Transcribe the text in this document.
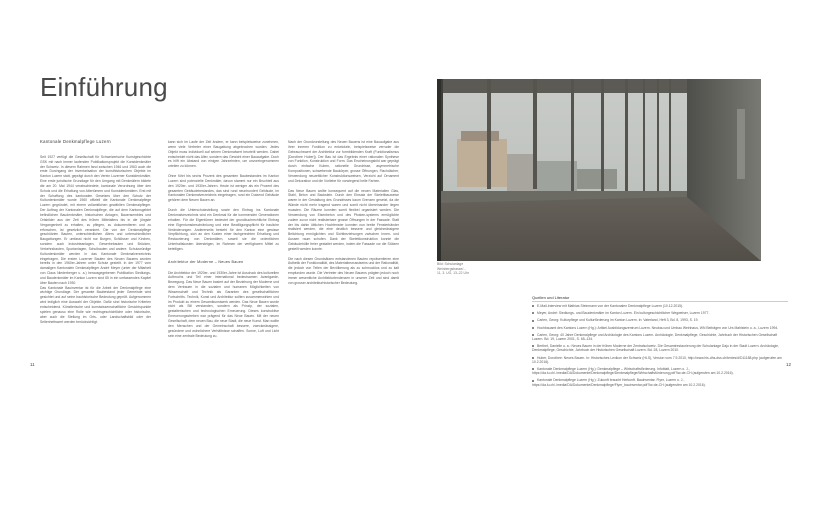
Einführung
Kantonale Denkmalpflege Luzern

Seit 1927 verfügt die Gesellschaft für Schweizerische Kunstgeschichte GSK mit nach immer laufenden Publikationsprojekt die Kunstdenkmäler der Schweiz. In diesem Rahmen fand zwischen 1946 und 1963 auch die erste Durchgang der Inventarisation der kunsthistorischen Objekte im Kanton Luzern statt, geprägt durch den Verein Luzerner Kunstdenkmäler. Eine erste juristische Grundlage für den Umgang mit Denkmälern bildete die am 20. Mai 1944 verabschiedete, kantonale Verordnung über den Schutz und die Erhaltung von Altertümern und Kunstdenkmälern. Erst mit der Schaffung des kantonalen Gesetzes über den Schutz der Kulturdenkmäler wurde 1960 offiziell die Kantonale Denkmalpflege Luzern gegründet, mit einem vollamtlichen gewählten Denkmalpfleger. Der Auftrag der Kantonalen Denkmalpflege, die auf dem Kantonsgebiet befindlichen Baudenkmäler, historischen Anlagen, Bauensembles und Ortsbilder aus der Zeit des frühen Mittelalters bis in die jüngste Vergangenheit zu erhalten, zu pflegen, zu dokumentieren und zu erforschen, ist gesetzlich verankert. Die von der Denkmalpflege geschützten Bauten, unterschiedlichen Alters und unterschiedlicher Baugattungen. Er umfasst nicht nur Burgen, Schlösser und Kirchen, sondern auch Industrieanlagen, Gewerbebauten und Brücken, Verkehrsbauten, Sportanlagen, Schulbauten und andere. Schutzwürdige Kulturdenkmäler werden in das Kantonale Denkmalverzeichnis eingetragen. Die ersten Luzerner Bauten des Neuen Bauens wurden bereits in den 1960er-Jahren unter Schutz gestellt. In der 1977 vom damaligen Kantonalen Denkmalpfleger André Meyer (unter der Mitarbeit von Claus Niederberger u. a.) herausgegebenen Publikation Siedlungs- und Baudenkmäler im Kanton Luzern sind 65 in ein umfassendes Kapitel über Bauten nach 1930.

Das Kantonale Bauinventar ist für die Arbeit der Denkmalpflege eine wichtige Grundlage. Der gesamte Baubestand jeder Gemeinde wird gesichtet und auf seine bauhistorische Bedeutung geprüft. Aufgenommen wird lediglich eine Auswahl der Objekte. Dafür sind historische Kriterien entscheidend. Künstlerische und kunstwissenschaftliche Gesichtspunkte spielen genauso eine Rolle wie rechtsgeschichtliche oder historische, aber auch die Stellung im Orts- oder Landschaftsbild oder der Seltenheitswert werden berücksichtigt.

kann sich im Laufe der Zeit ändern, er kann beispielsweise zunehmen, wenn viele Vertreter einer Baugattung abgebrochen wurden. Jedes Objekt muss individuell auf seinen Denkmalwert beurteilt werden. Dabei entscheidet nicht das Alter, sondern das Gewicht einer Bauaufgabe. Doch es hilft ein Abstand von einigen Jahrzehnten, um unvoreingenommen urteilen zu können.

Ohne führt bis sechs Prozent des gesamten Baubestandes im Kanton Luzern sind potenzielle Denkmäler, davon stammt nur ein Bruchteil aus den 1920er- und 1930er-Jahren. Heute ist weniger als ein Prozent des gesamten Gebäudebestandes, das sind rund neunhundert Gebäude, im Kantonalen Denkmalverzeichnis eingetragen, rund ein Dutzend Gebäude gehören dem Neuen Bauen an.

Durch die Unterschutzstellung sowie den Eintrag ins Kantonale Denkmalverzeichnis wird ein Denkmal für die kommenden Generationen erhalten. Für die Eigentümer bedeutet der grundbuchrechtliche Eintrag eine Eigentumsbeschränkung und eine Bewilligungspflicht für bauliche Veränderungen. Andererseits besteht für den Kanton eine gewisse Verpflichtung, sich an den Kosten einer fachgerechten Erhaltung und Restaurierung von Denkmälern, soweit sie die ordentlichen Unterhaltskosten übersteigen, im Rahmen der verfügbaren Mittel zu beteiligen.

Architektur der Moderne – Neues Bauen

Die Architektur der 1920er- und 1930er-Jahre ist Ausdruck des kulturellen Aufbruchs und Teil einer international bedeutsamen Avantgarde-Bewegung. Das Neue Bauen basiert auf der Beziehung der Moderne und dem Vertrauen in die sozialen und humanen Möglichkeiten von Wissenschaft und Technik als Garanten des gesellschaftlichen Fortschritts. Technik, Kunst und Architektur sollten zusammenwirken und im Produkt zu einem Gesamtkunstwerk werden. Das Neue Bauen wurde nicht als Stil verstanden, sondern als Prinzip, der sozialen, gestalterischen und technologischen Erneuerung. Dieses konstruktive Erneuerungsstreben war prägend für das Neue Bauen. Mit der neuen Gesellschaft, dem neuen Bau, die neue Stadt, die neue Kunst. Man wollte den Menschen und der Gemeinschaft bessere, zweckmässigere, gesündere und wohnlichere Verhältnisse schaffen. Sonne, Luft und Licht sein eine zentrale Bedeutung zu.

Nach der Grundvorstellung des Neuen Bauens ist eine Bauaufgabe aus ihrer inneren Funktion zu entwickeln, beispielsweise verruder die Gebrauchswert der Architektur zur formbildenden Kraft (Funktionalismus [Dorothee Huber]). Der Bau ist das Ergebnis einer rationalen Synthese von Funktion, Konstruktion und Form. Das Erscheinungsbild war geprägt durch einfache Kuben, rationelle Grundrisse, asymmetrische Kompositionen, schwebende Baukörper, grosse Öffnungen, Flachdächer, Verwendung neuzeitlicher Konstruktionsweisen, Verzicht auf Ornament und Dekoration und die Vorliebe für vorwiegend helle Farben.

Das Neue Bauen wollte konsequent auf die neuen Materialien Glas, Stahl, Beton und Backstein. Durch den Einsatz der Skelettbauweise waren in der Gestaltung des Grundrisses kaum Grenzen gesetzt, da die Wände nicht mehr tragend waren und somit nicht übereinander liegen mussten. Die Räume konnten somit flexibel organisiert werden. Die Verwendung von Eisenbeton und des Pfosten-systems ermöglichte zudem zuvor nicht realisierbare grosse Öffnungen in der Fassade. Statt der bis dahin üblichen Hochfenster konnten nun breite Fensterbänder realisiert werden, die eine deutlich bessere und gleichmässigere Belichtung ermöglichten und Sichtbeziehungen zwischen Innen- und Aussen raum schufen. Dank der Skelettkonstruktion konnte die Gebäudehülle freier gestaltet werden, indem die Fassade vor die Stützen gestellt werden konnte.

Die nach diesen Grundsätzen entstandenen Bauten repräsentieren eine Ästhetik der Funktionalität, des Materialbewusstseins und der Rationalität, die jedoch von Teilen der Bevölkerung als zu schmucklos und zu kalt empfunden wurde. Die Vertreter des Neuen Bauens prägten jedoch noch immer wesentliche Architekturtendenzen in unserer Zeit und sind damit von grosser architekturhistorischer Bedeutung.

11
Bild: Schulanlage
Weinbergstrasse/...
11, 3. UG, 13–22 Uhr
Quellen und Literatur
E-Mail-Interview mit Mathias Steinmann von der Kantonalen Denkmalpflege Luzern (10.12.2015).
Meyer, André: Siedlungs- und Baudenkmäler im Kanton Luzern. Ein kulturgeschichtlicher Wegweiser, Luzern 1977.
Carlen, Georg: Kulturpflege und Kulturförderung im Kanton Luzern. In: Vaterland, Heft 3, Bd. 8, 1993, S. 19.
Hochbauamt des Kantons Luzern (Hg.): Artikel Ausbildungszentrum Luzern. Neubau und Umbau Weinhaus, WN Beiträgen von Urs Mahlstein u. a., Luzern 1994.
Carlen, Georg: 40 Jahre Denkmalpflege und Archäologie des Kantons Luzern. Archäologie, Denkmalpflege, Geschichte, Jahrbuch der Historischen Gesellschaft Luzern. Bd. 19, Luzern 2001, S. 65–134.
Berthet, Danielle u. a.: Neues Bauen in der frühen Moderne der Zentralschweiz. Die Gesamtrestaurierung der Schulanlage Daju in der Stadt Luzern. Archäologie, Denkmalpflege, Geschichte, Jahrbuch der Historischen Gesellschaft Luzern. Bd. 28, Luzern 2010.
Huber, Dorothee: Neues Bauen. In: Historisches Lexikon der Schweiz (HLS), Version vom 7.9.2010, http://www.hls-dhs-dss.ch/textes/d/D11188.php (aufgerufen am 10.2.2016).
Kantonale Denkmalpflege Luzern (Hg.): Denkmalpflege – Wirtschaftsförderung. Infoblatt, Luzern o. J., https://da.lu.ch/-/media/DA/Dokumente/Denkmalpflege/Denkmalpflege/Wirtschaftsförderung.pdf?la=de-CH (aufgerufen am 10.2.2016).
Kantonale Denkmalpflege Luzern (Hg.): Zukunft braucht Herkunft. Bauinventar. Flyer, Luzern o. J., https://da.lu.ch/-/media/DA/Dokumente/Denkmalpflege/Flyer_bauinventar.pdf?la=de-CH (aufgerufen am 10.2.2016).
12
